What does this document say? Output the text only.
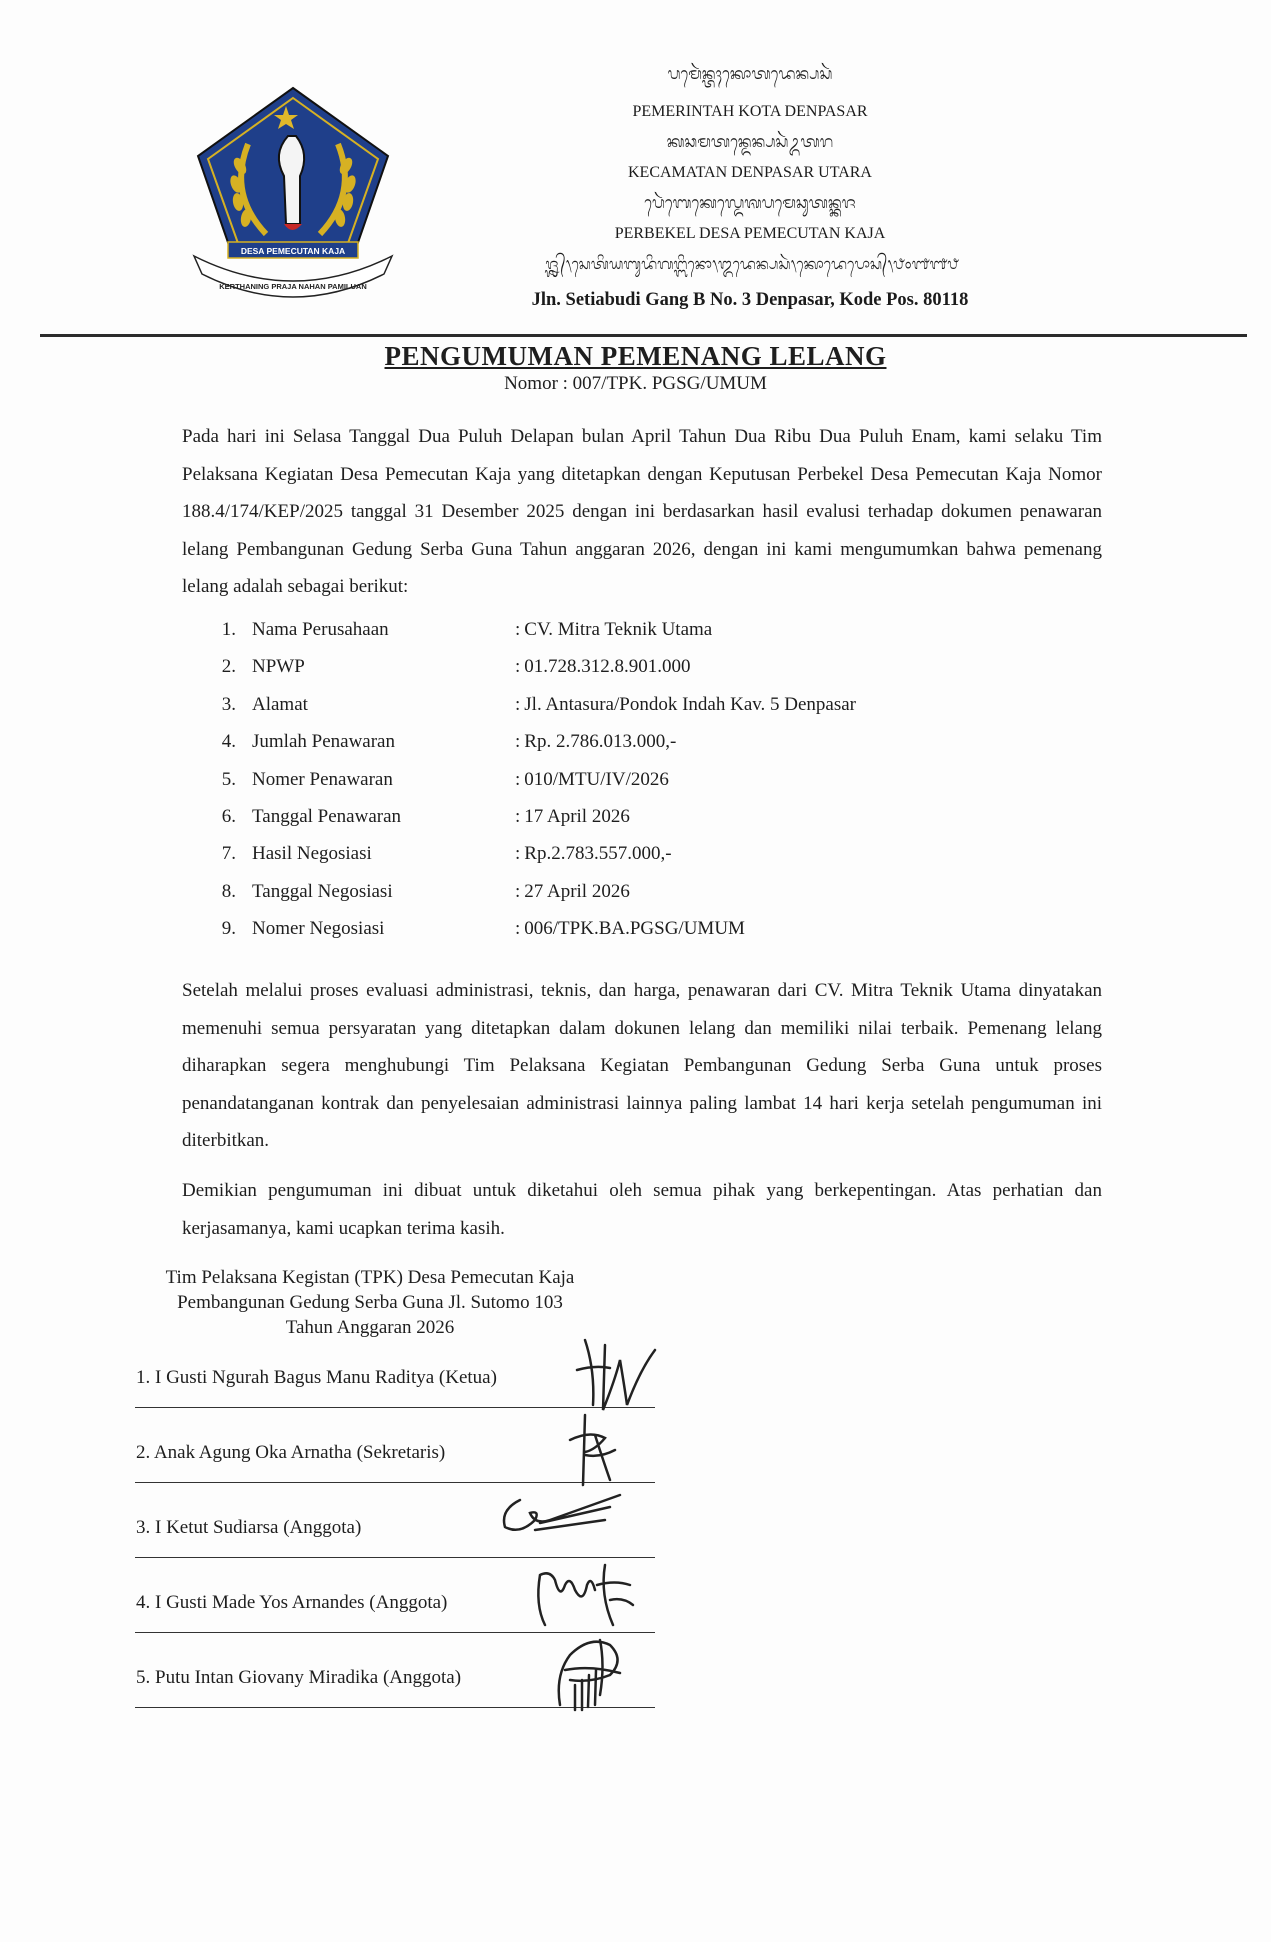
DESA PEMECUTAN KAJA
KERTHANING PRAJA NAHAN PAMILUAN
ᬧᬫᬾᬃᬦ᭄ᬢᬄᬓᭀᬢᬤᬾᬦ᭄ᬧᬲᬃ
PEMERINTAH KOTA DENPASAR
ᬓᬘᬫᬢᬦ᭄ᬤᬾᬦ᭄ᬧᬲᬃᬉᬢᬭ
KECAMATAN DENPASAR UTARA
ᬧᬾᬃᬩᬾᬓᬾᬮ᭄ᬤᬾᬰᬧᬫᬾᬘᬸᬢᬦ᭄ᬓᬚ
PERBEKEL DESA PEMECUTAN KAJA
ᬚ᭄ᬮ᭄ᬦ᭄᭞ᬲᬾᬢᬶᬬᬩᬸᬤᬶᬕᬗ᭄ᬩᬶᬦᭀ᭞᭓ᬤᬾᬦ᭄ᬧᬲᬃ᭞ᬓᭀᬤᬾᬧᭀᬲ᭄᭞᭘᭐᭑᭑᭘
Jln. Setiabudi Gang B No. 3 Denpasar, Kode Pos. 80118
PENGUMUMAN PEMENANG LELANG
Nomor : 007/TPK. PGSG/UMUM

Pada hari ini Selasa Tanggal Dua Puluh Delapan bulan April Tahun Dua Ribu Dua Puluh Enam, kami selaku Tim Pelaksana Kegiatan Desa Pemecutan Kaja yang ditetapkan dengan Keputusan Perbekel Desa Pemecutan Kaja Nomor 188.4/174/KEP/2025 tanggal 31 Desember 2025 dengan ini berdasarkan hasil evalusi terhadap dokumen penawaran lelang Pembangunan Gedung Serba Guna Tahun anggaran 2026, dengan ini kami mengumumkan bahwa pemenang lelang adalah sebagai berikut:

1. Nama Perusahaan	: CV. Mitra Teknik Utama
2. NPWP	: 01.728.312.8.901.000
3. Alamat	: Jl. Antasura/Pondok Indah Kav. 5 Denpasar
4. Jumlah Penawaran	: Rp. 2.786.013.000,-
5. Nomer Penawaran	: 010/MTU/IV/2026
6. Tanggal Penawaran	: 17 April 2026
7. Hasil Negosiasi	: Rp.2.783.557.000,-
8. Tanggal Negosiasi	: 27 April 2026
9. Nomer Negosiasi	: 006/TPK.BA.PGSG/UMUM

Setelah melalui proses evaluasi administrasi, teknis, dan harga, penawaran dari CV. Mitra Teknik Utama dinyatakan memenuhi semua persyaratan yang ditetapkan dalam dokunen lelang dan memiliki nilai terbaik. Pemenang lelang diharapkan segera menghubungi Tim Pelaksana Kegiatan Pembangunan Gedung Serba Guna untuk proses penandatanganan kontrak dan penyelesaian administrasi lainnya paling lambat 14 hari kerja setelah pengumuman ini diterbitkan.

Demikian pengumuman ini dibuat untuk diketahui oleh semua pihak yang berkepentingan. Atas perhatian dan kerjasamanya, kami ucapkan terima kasih.

Tim Pelaksana Kegistan (TPK) Desa Pemecutan Kaja
Pembangunan Gedung Serba Guna Jl. Sutomo 103
Tahun Anggaran 2026
1. I Gusti Ngurah Bagus Manu Raditya (Ketua)
2. Anak Agung Oka Arnatha (Sekretaris)
3. I Ketut Sudiarsa (Anggota)
4. I Gusti Made Yos Arnandes (Anggota)
5. Putu Intan Giovany Miradika (Anggota)
